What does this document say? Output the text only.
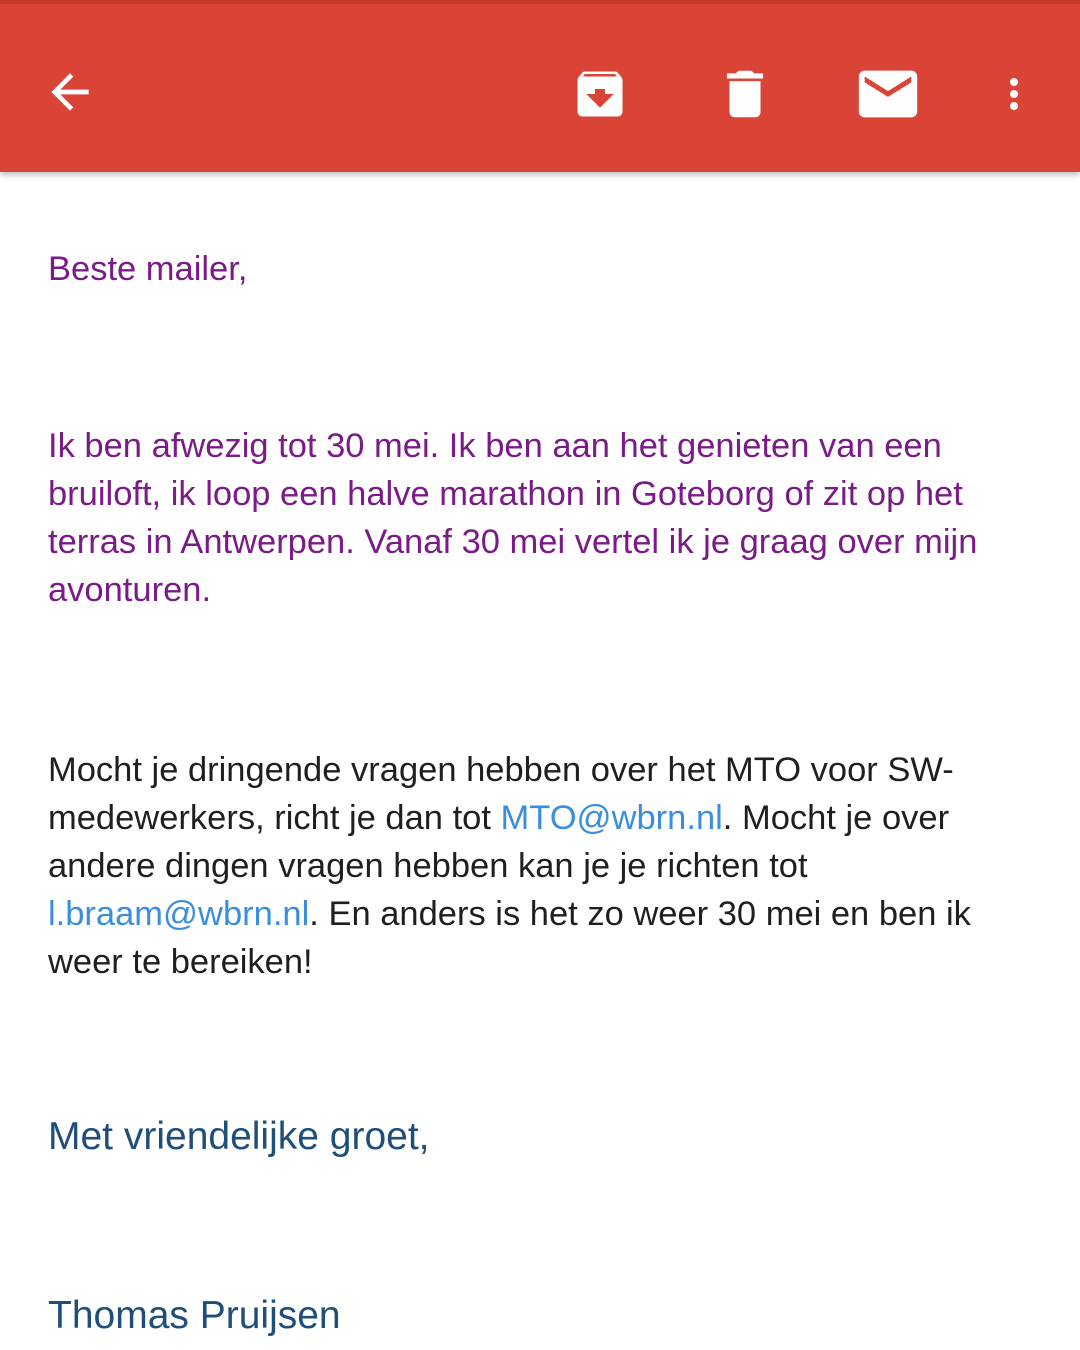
Beste mailer,

Ik ben afwezig tot 30 mei. Ik ben aan het genieten van een bruiloft, ik loop een halve marathon in Goteborg of zit op het terras in Antwerpen. Vanaf 30 mei vertel ik je graag over mijn avonturen.

Mocht je dringende vragen hebben over het MTO voor SW-medewerkers, richt je dan tot MTO@wbrn.nl. Mocht je over andere dingen vragen hebben kan je je richten tot l.braam@wbrn.nl. En anders is het zo weer 30 mei en ben ik weer te bereiken!

Met vriendelijke groet,

Thomas Pruijsen
